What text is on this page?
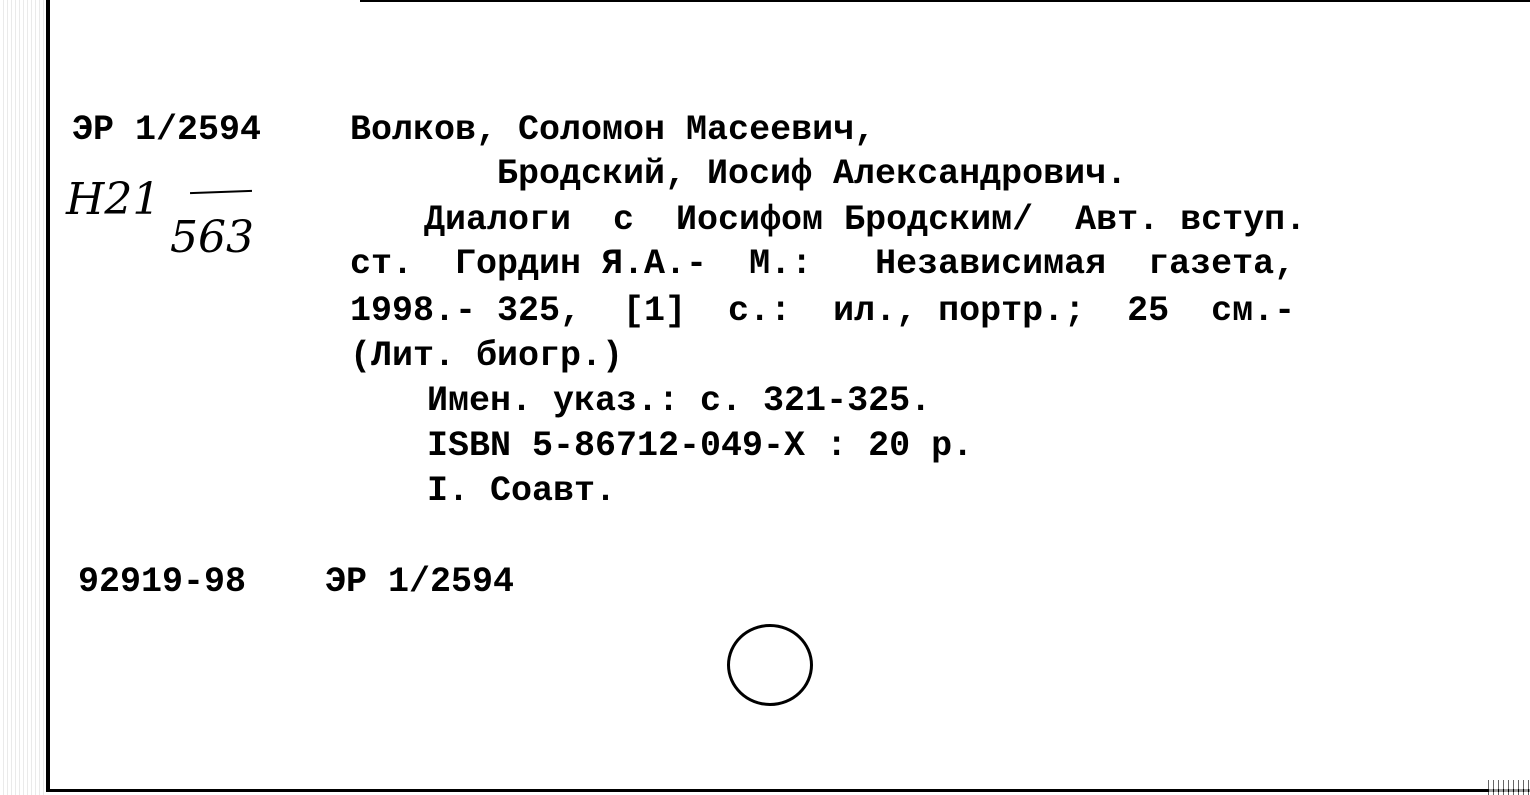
ЭР 1/2594
Н21
563
Волков, Соломон Масеевич,
Бродский, Иосиф Александрович.
Диалоги  с  Иосифом Бродским/  Авт. вступ.
ст.  Гордин Я.А.-  М.:   Независимая  газета,
1998.- 325,  [1]  с.:  ил., портр.;  25  см.-
(Лит. биогр.)
Имен. указ.: с. 321-325.
ISBN 5-86712-049-X : 20 р.
I. Соавт.
92919-98 ЭР 1/2594
